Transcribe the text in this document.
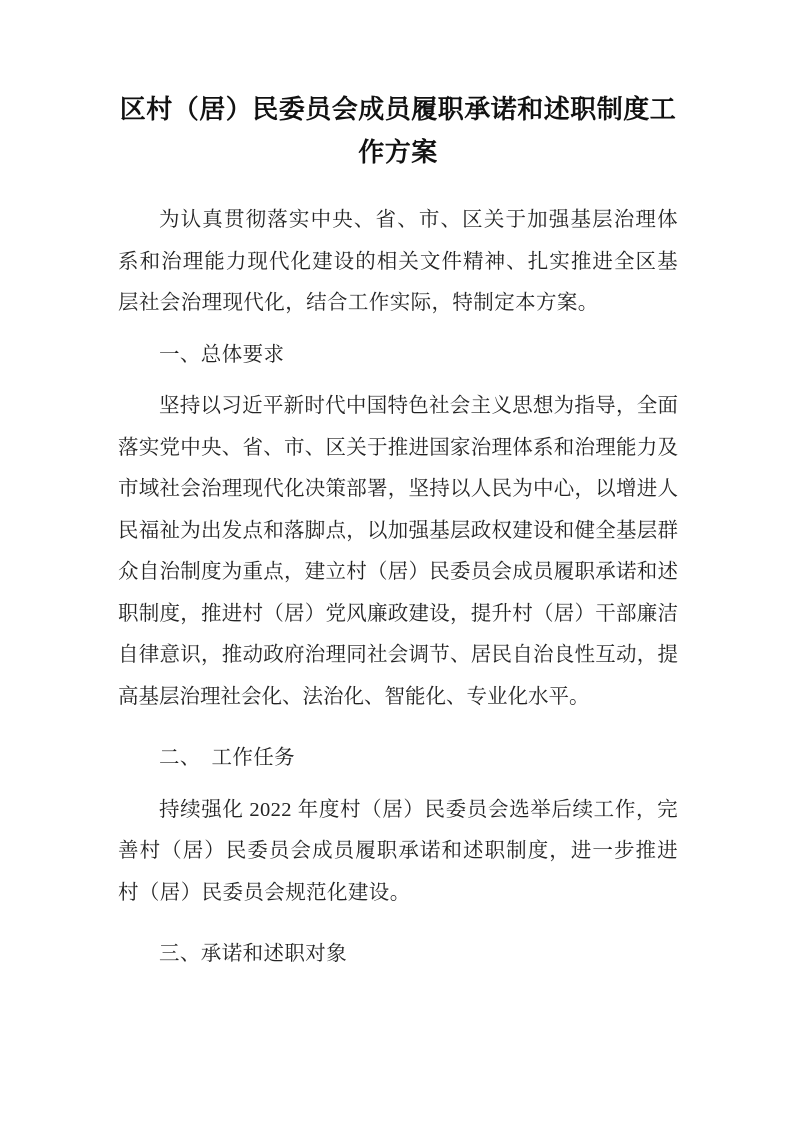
区村（居）民委员会成员履职承诺和述职制度工作方案

为认真贯彻落实中央、省、市、区关于加强基层治理体系和治理能力现代化建设的相关文件精神、扎实推进全区基层社会治理现代化，结合工作实际，特制定本方案。

一、总体要求

坚持以习近平新时代中国特色社会主义思想为指导，全面落实党中央、省、市、区关于推进国家治理体系和治理能力及市域社会治理现代化决策部署，坚持以人民为中心，以增进人民福祉为出发点和落脚点，以加强基层政权建设和健全基层群众自治制度为重点，建立村（居）民委员会成员履职承诺和述职制度，推进村（居）党风廉政建设，提升村（居）干部廉洁自律意识，推动政府治理同社会调节、居民自治良性互动，提高基层治理社会化、法治化、智能化、专业化水平。

二、　工作任务

持续强化 2022 年度村（居）民委员会选举后续工作，完善村（居）民委员会成员履职承诺和述职制度，进一步推进村（居）民委员会规范化建设。

三、承诺和述职对象
